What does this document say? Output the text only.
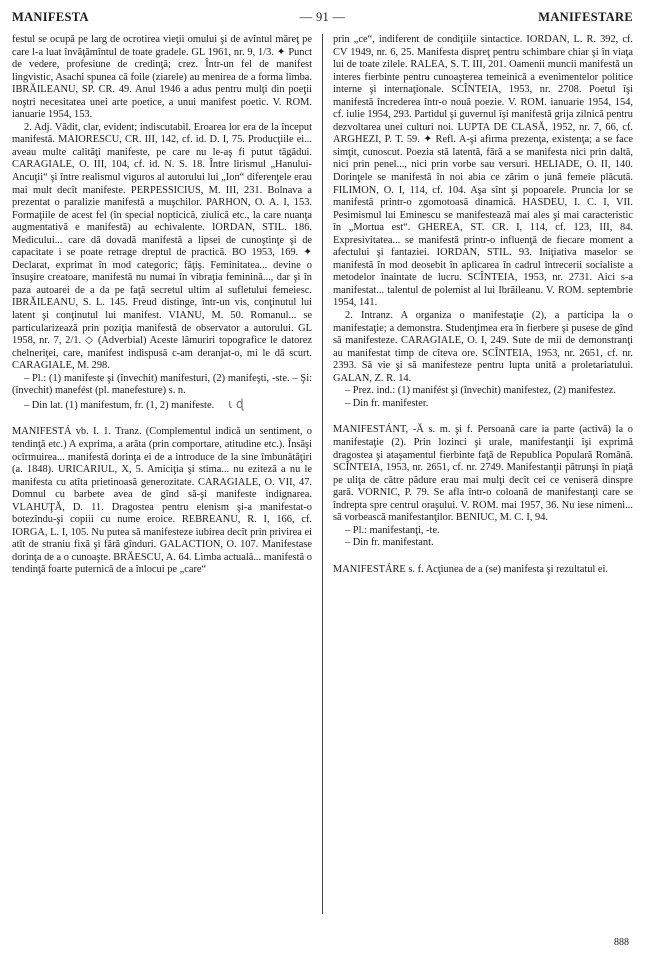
MANIFESTA	— 91 —	MANIFESTARE

festul se ocupă pe larg de ocrotirea vieţii omului şi de avîntul măreţ pe care l-a luat învăţămîntul de toate gradele. GL 1961, nr. 9, 1/3. ✦ Punct de vedere, profesiune de credinţă; crez. Într-un fel de manifest lingvistic, Asachi spunea că foile (ziarele) au menirea de a forma limba. IBRĂILEANU, SP. CR. 49. Anul 1946 a adus pentru mulţi din poeţii noştri necesitatea unei arte poetice, a unui manifest poetic. V. ROM. ianuarie 1954, 153.

2. Adj. Vădit, clar, evident; indiscutabil. Eroarea lor era de la început manifestă. MAIORESCU, CR. III, 142, cf. id. D. I, 75. Producţiile ei... aveau multe calităţi manifeste, pe care nu le-aş fi putut tăgădui. CARAGIALE, O. III, 104, cf. id. N. S. 18. Între lirismul „Hanului-Ancuţii“ şi între realismul viguros al autorului lui „Ion“ diferenţele erau mai mult decît manifeste. PERPESSICIUS, M. III, 231. Bolnava a prezentat o paralizie manifestă a muşchilor. PARHON, O. A. I, 153. Formaţiile de acest fel (în special nopticică, ziulică etc., la care nuanţa augmentativă e manifestă) au echivalente. IORDAN, STIL. 186. Medicului... care dă dovadă manifestă a lipsei de cunoştinţe şi de capacitate i se poate retrage dreptul de practică. BO 1953, 169. ✦ Declarat, exprimat în mod categoric; făţiş. Feminitatea... devine o însuşire creatoare, manifestă nu numai în vibraţia feminină..., dar şi în paza autoarei de a da pe faţă secretul ultim al sufletului femeiesc. IBRĂILEANU, S. L. 145. Freud distinge, într-un vis, conţinutul lui latent şi conţinutul lui manifest. VIANU, M. 50. Romanul... se particularizează prin poziţia manifestă de observator a autorului. GL 1958, nr. 7, 2/1. ◇ (Adverbial) Aceste lămuriri topografice le datorez chelneriţei, care, manifest indispusă c-am deranjat-o, mi le dă scurt. CARAGIALE, M. 298.

– Pl.: (1) manifeste şi (învechit) manifesturi, (2) manifeşti, -ste. – Şi: (învechit) manefést (pl. manefesture) s. n.

– Din lat. (1) manifestum, fr. (1, 2) manifeste. ɩ ɖ

MANIFESTÁ vb. I. 1. Tranz. (Complementul indică un sentiment, o tendinţă etc.) A exprima, a arăta (prin comportare, atitudine etc.). Însăşi ocîrmuirea... manifestă dorinţa ei de a introduce de la sine îmbunătăţiri (a. 1848). URICARIUL, X, 5. Amiciţia şi stima... nu eziteză a nu le manifesta cu atîta prietinoasă generozitate. CARAGIALE, O. VII, 47. Domnul cu barbete avea de gînd să-şi manifeste indignarea. VLAHUŢĂ, D. 11. Dragostea pentru elenism şi-a manifestat-o botezîndu-şi copiii cu nume eroice. REBREANU, R. I, 166, cf. IORGA, L. I, 105. Nu putea să manifesteze iubirea decît prin privirea ei atît de straniu fixă şi fără gînduri. GALACTION, O. 107. Manifestase dorinţa de a o cunoaşte. BRĂESCU, A. 64. Limba actuală... manifestă o tendinţă foarte puternică de a înlocui pe „care“

prin „ce“, indiferent de condiţiile sintactice. IORDAN, L. R. 392, cf. CV 1949, nr. 6, 25. Manifesta dispreţ pentru schimbare chiar şi în viaţa lui de toate zilele. RALEA, S. T. III, 201. Oamenii muncii manifestă un interes fierbinte pentru cunoaşterea temeinică a evenimentelor politice interne şi internaţionale. SCÎNTEIA, 1953, nr. 2708. Poetul îşi manifestă încrederea într-o nouă poezie. V. ROM. ianuarie 1954, 154, cf. iulie 1954, 293. Partidul şi guvernul îşi manifestă grija zilnică pentru dezvoltarea unei culturi noi. LUPTA DE CLASĂ, 1952, nr. 7, 66, cf. ARGHEZI, P. T. 59. ✦ Refl. A-şi afirma prezenţa, existenţa; a se face simţit, cunoscut. Poezia stă latentă, fără a se manifesta nici prin daltă, nici prin penel..., nici prin vorbe sau versuri. HELIADE, O. II, 140. Dorinţele se manifestă în noi abia ce zărim o jună femeie plăcută. FILIMON, O. I, 114, cf. 104. Aşa sînt şi popoarele. Pruncia lor se manifestă printr-o zgomotoasă dinamică. HASDEU, I. C. I, VII. Pesimismul lui Eminescu se manifestează mai ales şi mai caracteristic în „Mortua est“. GHEREA, ST. CR. I, 114, cf. 123, III, 84. Expresivitatea... se manifestă printr-o influenţă de fiecare moment a afectului şi fantaziei. IORDAN, STIL. 93. Iniţiativa maselor se manifestă în mod deosebit în aplicarea în cadrul întrecerii socialiste a metodelor înaintate de lucru. SCÎNTEIA, 1953, nr. 2731. Aici s-a manifestat... talentul de polemist al lui Ibrăileanu. V. ROM. septembrie 1954, 141.

2. Intranz. A organiza o manifestaţie (2), a participa la o manifestaţie; a demonstra. Studenţimea era în fierbere şi pusese de gînd să manifesteze. CARAGIALE, O. I, 249. Sute de mii de demonstranţi au manifestat timp de cîteva ore. SCÎNTEIA, 1953, nr. 2651, cf. nr. 2393. Să vie şi să manifesteze pentru lupta unită a proletariatului. GALAN, Z. R. 14.

– Prez. ind.: (1) manifést şi (învechit) manifestez, (2) manifestez.

– Din fr. manifester.

MANIFESTÁNT, -Ă s. m. şi f. Persoană care ia parte (activă) la o manifestaţie (2). Prin lozinci şi urale, manifestanţii îşi exprimă dragostea şi ataşamentul fierbinte faţă de Republica Populară Română. SCÎNTEIA, 1953, nr. 2651, cf. nr. 2749. Manifestanţii pătrunşi în piaţă pe uliţa de către pădure erau mai mulţi decît cei ce veniseră dinspre gară. VORNIC, P. 79. Se afla într-o coloană de manifestanţi care se îndrepta spre centrul oraşului. V. ROM. mai 1957, 36. Nu iese nimeni... să vorbească manifestanţilor. BENIUC, M. C. I, 94.

– Pl.: manifestanţi, -te.

– Din fr. manifestant.

MANIFESTÁRE s. f. Acţiunea de a (se) manifesta şi rezultatul ei.

888
